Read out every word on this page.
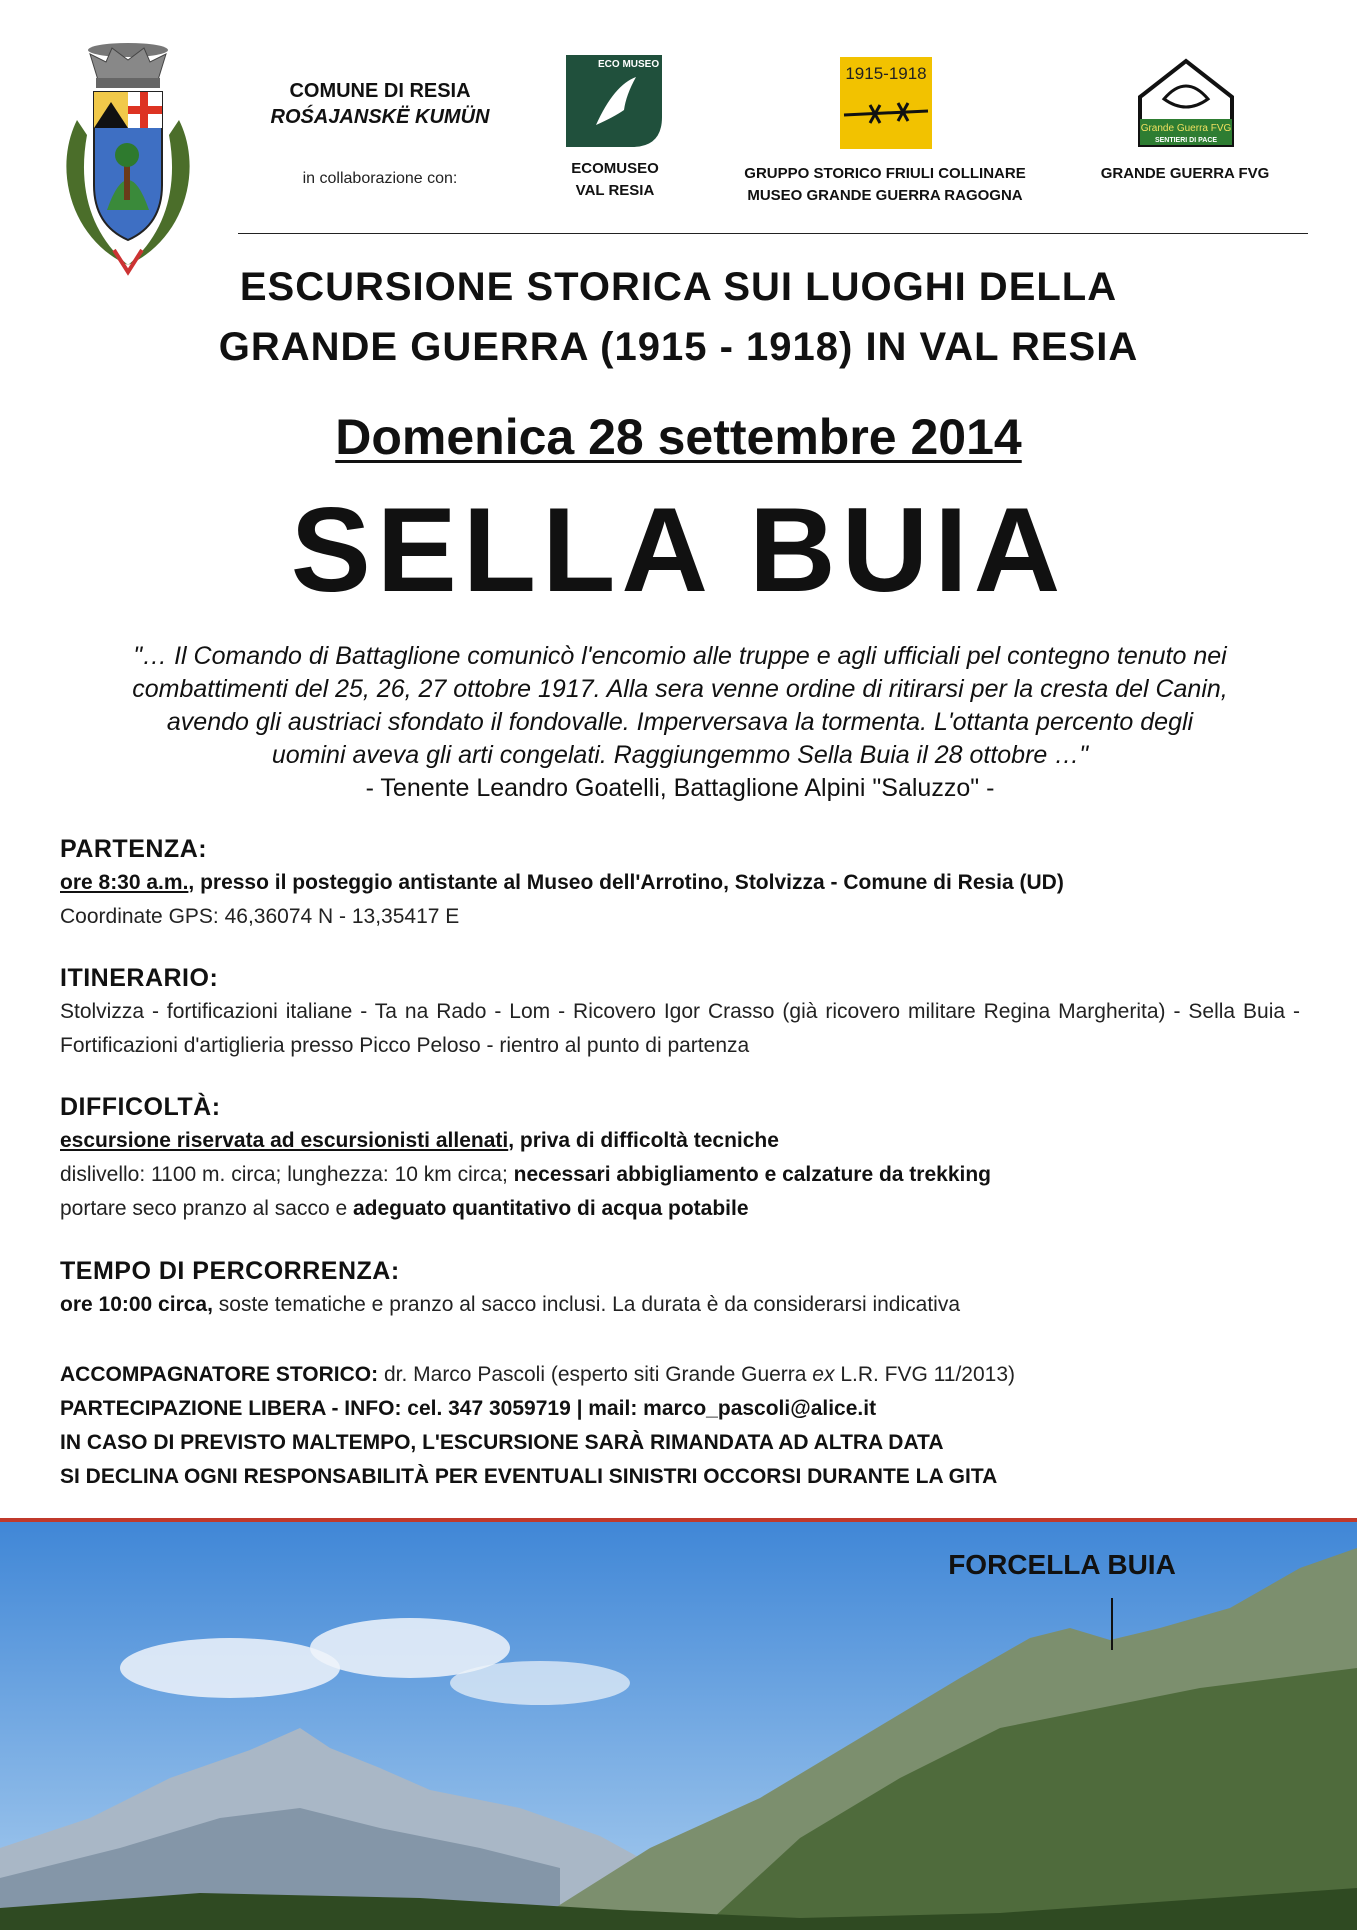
COMUNE DI RESIA
ROŚAJANSKË KUMÜN
in collaborazione con:
ECO MUSEO VAL RESIA
ECOMUSEO
VAL RESIA
1915-1918
GRUPPO STORICO FRIULI COLLINARE
MUSEO GRANDE GUERRA RAGOGNA
Grande Guerra FVG
SENTIERI DI PACE
GRANDE GUERRA FVG
ESCURSIONE STORICA SUI LUOGHI DELLA
GRANDE GUERRA (1915 - 1918) IN VAL RESIA
Domenica 28 settembre 2014
SELLA BUIA
"… Il Comando di Battaglione comunicò l'encomio alle truppe e agli ufficiali pel contegno tenuto nei
combattimenti del 25, 26, 27 ottobre 1917. Alla sera venne ordine di ritirarsi per la cresta del Canin,
avendo gli austriaci sfondato il fondovalle. Imperversava la tormenta. L'ottanta percento degli
uomini aveva gli arti congelati. Raggiungemmo Sella Buia il 28 ottobre …"
- Tenente Leandro Goatelli, Battaglione Alpini "Saluzzo" -
PARTENZA:
ore 8:30 a.m., presso il posteggio antistante al Museo dell'Arrotino, Stolvizza - Comune di Resia (UD)
Coordinate GPS: 46,36074 N - 13,35417 E
ITINERARIO:
Stolvizza - fortificazioni italiane - Ta na Rado - Lom - Ricovero Igor Crasso (già ricovero militare Regina Margherita) - Sella Buia - Fortificazioni d'artiglieria presso Picco Peloso - rientro al punto di partenza
DIFFICOLTÀ:
escursione riservata ad escursionisti allenati, priva di difficoltà tecniche
dislivello: 1100 m. circa; lunghezza: 10 km circa; necessari abbigliamento e calzature da trekking
portare seco pranzo al sacco e adeguato quantitativo di acqua potabile
TEMPO DI PERCORRENZA:
ore 10:00 circa, soste tematiche e pranzo al sacco inclusi. La durata è da considerarsi indicativa
ACCOMPAGNATORE STORICO: dr. Marco Pascoli (esperto siti Grande Guerra ex L.R. FVG 11/2013)
PARTECIPAZIONE LIBERA - INFO: cel. 347 3059719 | mail: marco_pascoli@alice.it
IN CASO DI PREVISTO MALTEMPO, L'ESCURSIONE SARÀ RIMANDATA AD ALTRA DATA
SI DECLINA OGNI RESPONSABILITÀ PER EVENTUALI SINISTRI OCCORSI DURANTE LA GITA
FORCELLA BUIA
